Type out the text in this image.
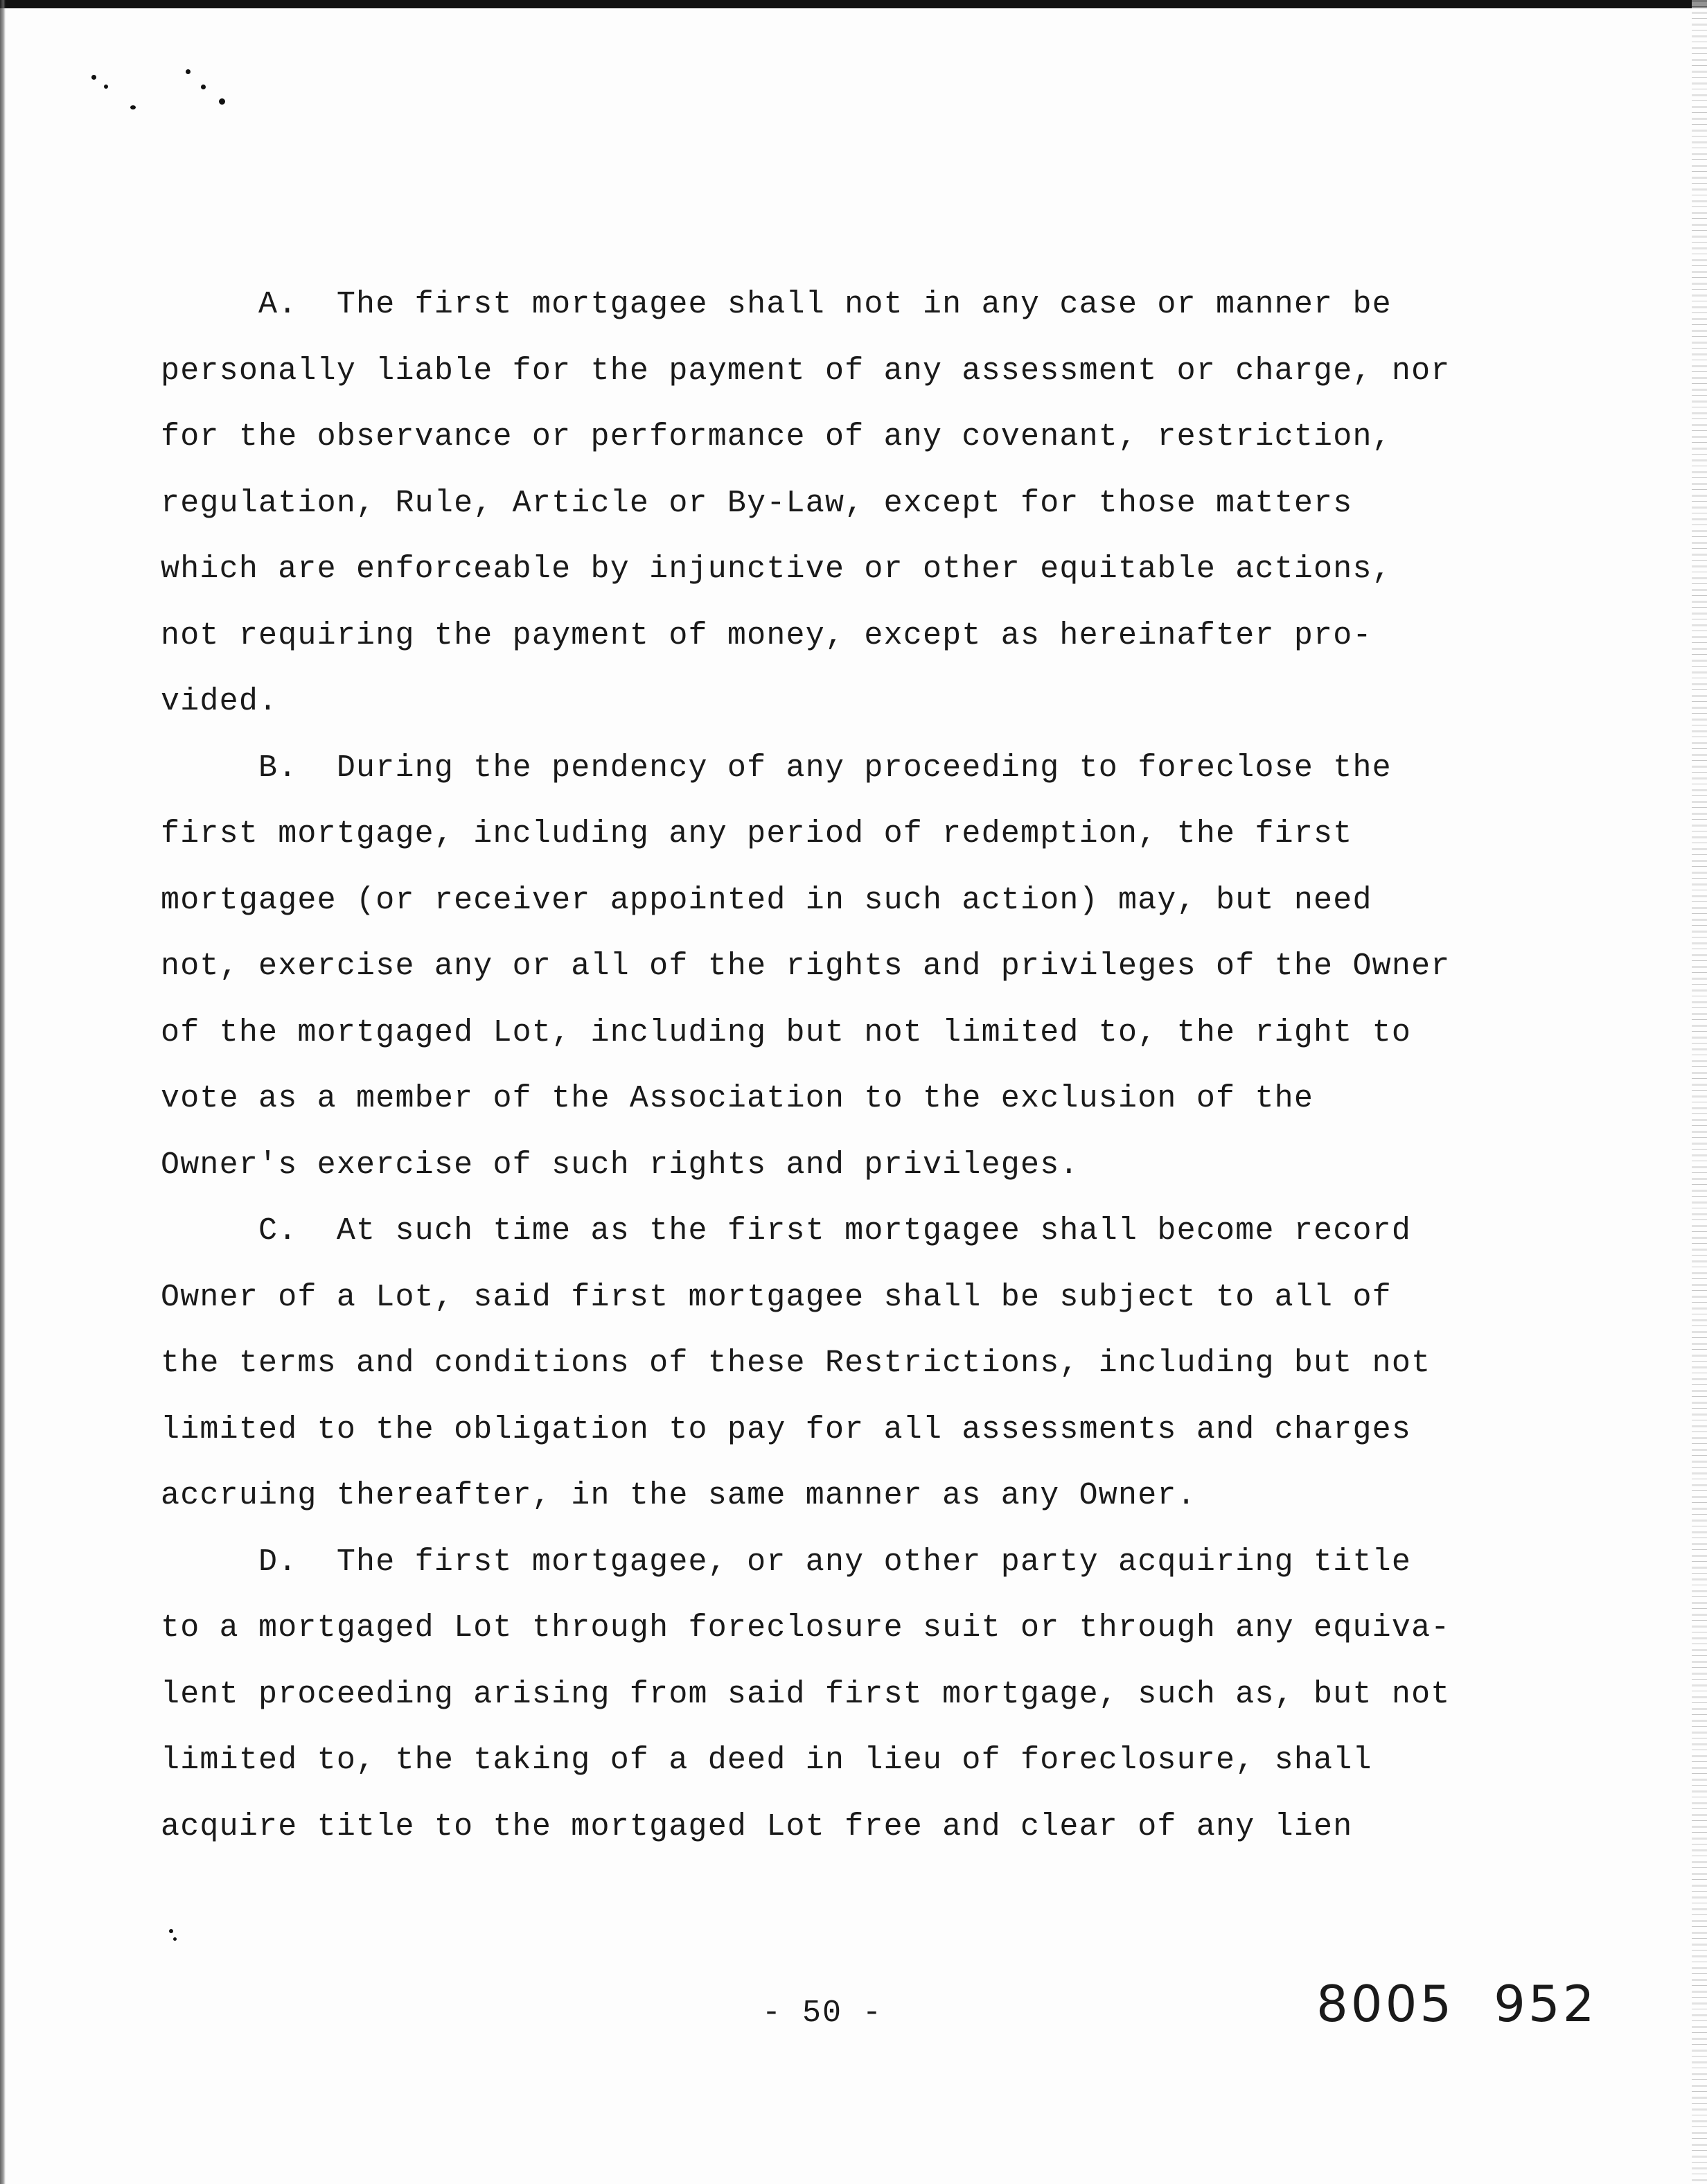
A.  The first mortgagee shall not in any case or manner be
personally liable for the payment of any assessment or charge, nor
for the observance or performance of any covenant, restriction,
regulation, Rule, Article or By-Law, except for those matters
which are enforceable by injunctive or other equitable actions,
not requiring the payment of money, except as hereinafter pro-
vided.

B.  During the pendency of any proceeding to foreclose the
first mortgage, including any period of redemption, the first
mortgagee (or receiver appointed in such action) may, but need
not, exercise any or all of the rights and privileges of the Owner
of the mortgaged Lot, including but not limited to, the right to
vote as a member of the Association to the exclusion of the
Owner's exercise of such rights and privileges.

C.  At such time as the first mortgagee shall become record
Owner of a Lot, said first mortgagee shall be subject to all of
the terms and conditions of these Restrictions, including but not
limited to the obligation to pay for all assessments and charges
accruing thereafter, in the same manner as any Owner.

D.  The first mortgagee, or any other party acquiring title
to a mortgaged Lot through foreclosure suit or through any equiva-
lent proceeding arising from said first mortgage, such as, but not
limited to, the taking of a deed in lieu of foreclosure, shall
acquire title to the mortgaged Lot free and clear of any lien

- 50 -	8005 952
